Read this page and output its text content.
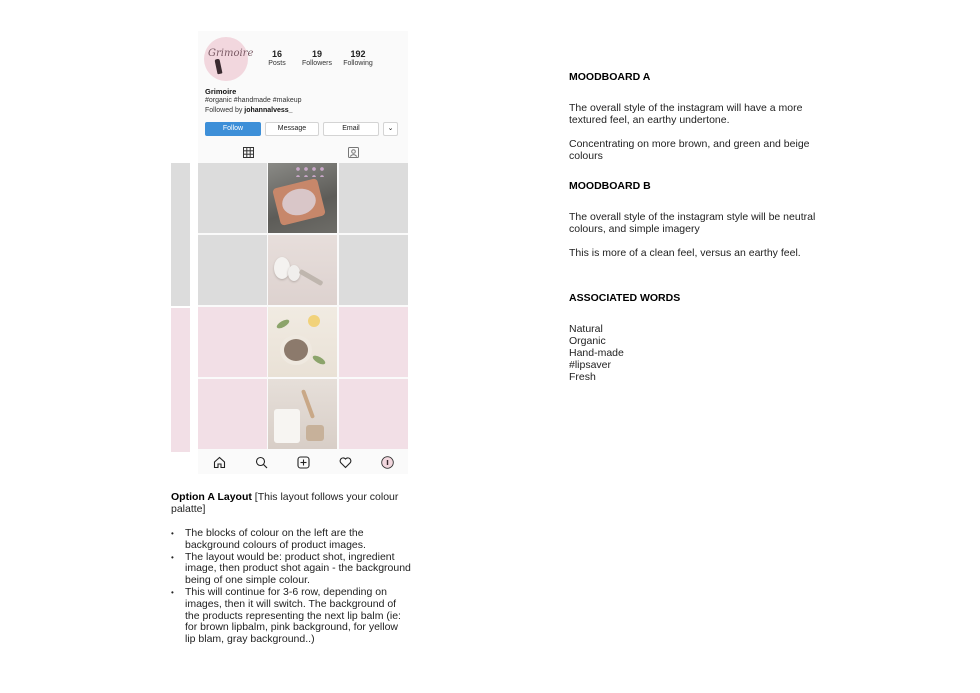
Grimoire	16
Posts
19
Followers
192
Following
Grimoire
#organic #handmade #makeup
Followed by johannalvess_
Follow	Message	Email	⌄
Option A Layout [This layout follows your colour palatte]
• The blocks of colour on the left are the background colours of product images.
• The layout would be: product shot, ingredient image, then product shot again - the background being of one simple colour.
• This will continue for 3-6 row, depending on images, then it will switch. The background of the products representing the next lip balm (ie: for brown lipbalm, pink background, for yellow lip blam, gray background..)
MOODBOARD A
The overall style of the instagram will have a more textured feel, an earthy undertone.
Concentrating on more brown, and green and beige colours
MOODBOARD B
The overall style of the instagram style will be neutral colours, and simple imagery
This is more of a clean feel, versus an earthy feel.
ASSOCIATED WORDS
Natural
Organic
Hand-made
#lipsaver
Fresh
